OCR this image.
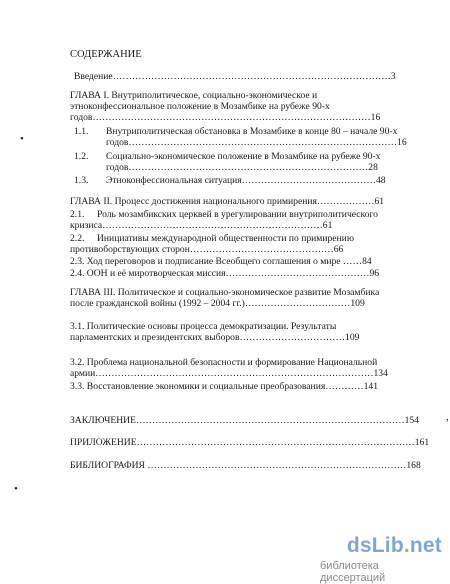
СОДЕРЖАНИЕ
Введение……………………………………………………………………………3
ГЛАВА I. Внутриполитическое, социально-экономическое и
этноконфессиональное положение в Мозамбике на рубеже 90-х
годов……………………………………………………………………………16
1.1. Внутриполитическая обстановка в Мозамбике в конце 80 – начале 90-х
годов…………………………………………………………………………16
1.2. Социально-экономическое положение в Мозамбике на рубеже 90-х
годов…………………………………………………………………28
1.3. Этноконфессиональная ситуация……………………………………48
ГЛАВА II. Процесс достижения национального примирения………………61
2.1. Роль мозамбикских церквей в урегулировании внутриполитического
кризиса……………………………………………………………61
2.2. Инициативы международной общественности по примирению
противоборствующих сторон………………………………………66
2.3. Ход переговоров и подписание Всеобщего соглашения о мире ……84
2.4. ООН и её миротворческая миссия………………………………………96
ГЛАВА III. Политическое и социально-экономическое развитие Мозамбика
после гражданской войны (1992 – 2004 гг.)……………………………109
3.1. Политические основы процесса демократизации. Результаты
парламентских и президентских выборов……………………………109
3.2. Проблема национальной безопасности и формирование Национальной
армии……………………………………………………………………………134
3.3. Восстановление экономики и социальные преобразования…………141
ЗАКЛЮЧЕНИЕ…………………………………………………………………………154
ПРИЛОЖЕНИЕ……………………………………………………………………………161
БИБЛИОГРАФИЯ ………………………………………………………………………168
•
,
•
dsLib.net
библиотека диссертаций
